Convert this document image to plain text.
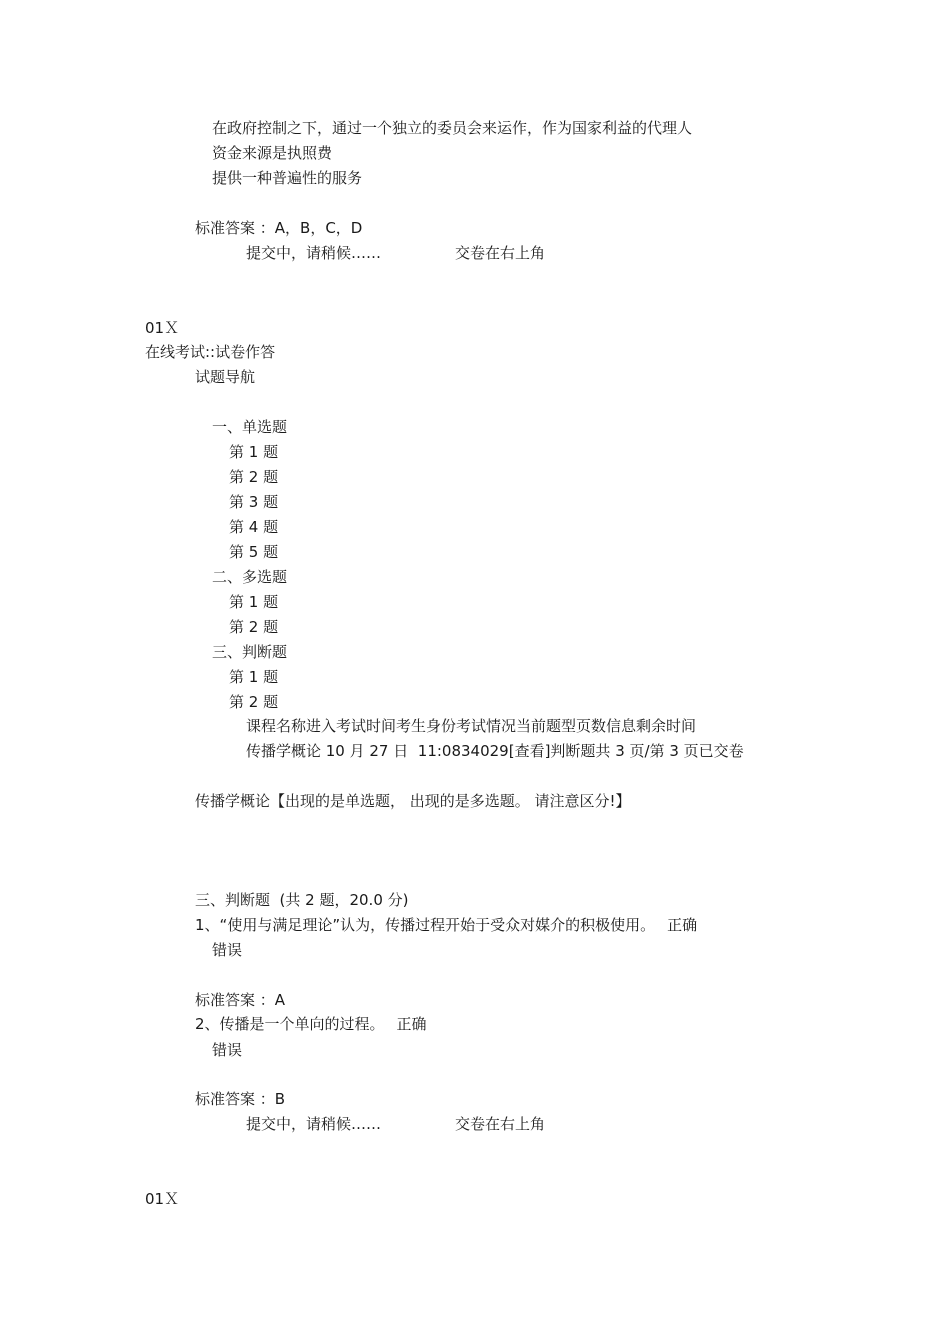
在政府控制之下，通过一个独立的委员会来运作，作为国家利益的代理人
资金来源是执照费
提供一种普遍性的服务
标准答案 ：A，B，C，D
提交中，请稍候……	交卷在右上角
01Ｘ
在线考试::试卷作答
试题导航
一、单选题
第 1 题
第 2 题
第 3 题
第 4 题
第 5 题
二、多选题
第 1 题
第 2 题
三、判断题
第 1 题
第 2 题
课程名称进入考试时间考生身份考试情况当前题型页数信息剩余时间
传播学概论 10 月 27 日  11:0834029[查看]判断题共 3 页/第 3 页已交卷
传播学概论【出现的是单选题， 出现的是多选题。 请注意区分!】
三、判断题  (共 2 题，20.0 分)
1、“使用与满足理论”认为，传播过程开始于受众对媒介的积极使用。 正确
错误
标准答案 ：A
2、传播是一个单向的过程。 正确
错误
标准答案 ：B
提交中，请稍候……	交卷在右上角
01Ｘ
